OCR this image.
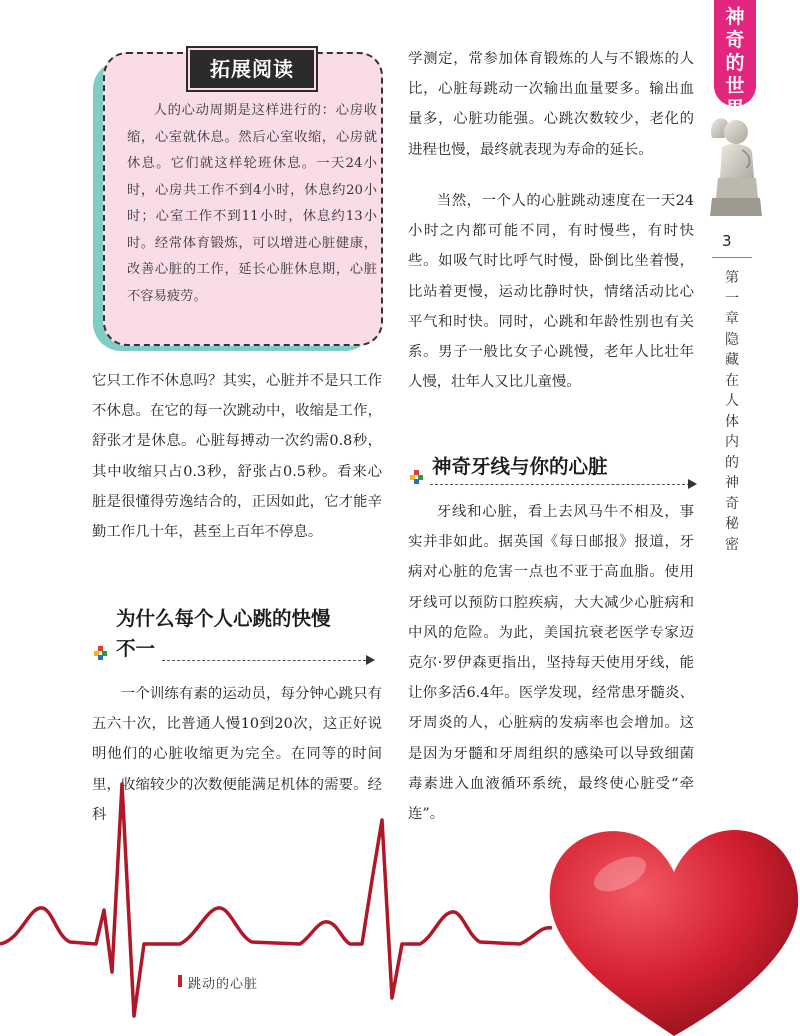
拓展阅读

人的心动周期是这样进行的：心房收缩，心室就休息。然后心室收缩，心房就休息。它们就这样轮班休息。一天24小时，心房共工作不到4小时，休息约20小时；心室工作不到11小时，休息约13小时。经常体育锻炼，可以增进心脏健康，改善心脏的工作，延长心脏休息期，心脏不容易疲劳。

它只工作不休息吗？其实，心脏并不是只工作不休息。在它的每一次跳动中，收缩是工作，舒张才是休息。心脏每搏动一次约需0.8秒，其中收缩只占0.3秒，舒张占0.5秒。看来心脏是很懂得劳逸结合的，正因如此，它才能辛勤工作几十年，甚至上百年不停息。

为什么每个人心跳的快慢
不一

一个训练有素的运动员，每分钟心跳只有五六十次，比普通人慢10到20次，这正好说明他们的心脏收缩更为完全。在同等的时间里，收缩较少的次数便能满足机体的需要。经科

学测定，常参加体育锻炼的人与不锻炼的人比，心脏每跳动一次输出血量要多。输出血量多，心脏功能强。心跳次数较少，老化的进程也慢，最终就表现为寿命的延长。

当然，一个人的心脏跳动速度在一天24小时之内都可能不同，有时慢些，有时快些。如吸气时比呼气时慢，卧倒比坐着慢，比站着更慢，运动比静时快，情绪活动比心平气和时快。同时，心跳和年龄性别也有关系。男子一般比女子心跳慢，老年人比壮年人慢，壮年人又比儿童慢。

神奇牙线与你的心脏

牙线和心脏，看上去风马牛不相及，事实并非如此。据英国《每日邮报》报道，牙病对心脏的危害一点也不亚于高血脂。使用牙线可以预防口腔疾病，大大减少心脏病和中风的危险。为此，美国抗衰老医学专家迈克尔·罗伊森更指出，坚持每天使用牙线，能让你多活6.4年。医学发现，经常患牙髓炎、牙周炎的人，心脏病的发病率也会增加。这是因为牙髓和牙周组织的感染可以导致细菌毒素进入血液循环系统，最终使心脏受“牵连”。

神奇的世界
3
第一章 隐藏在人体内的神奇秘密
跳动的心脏
